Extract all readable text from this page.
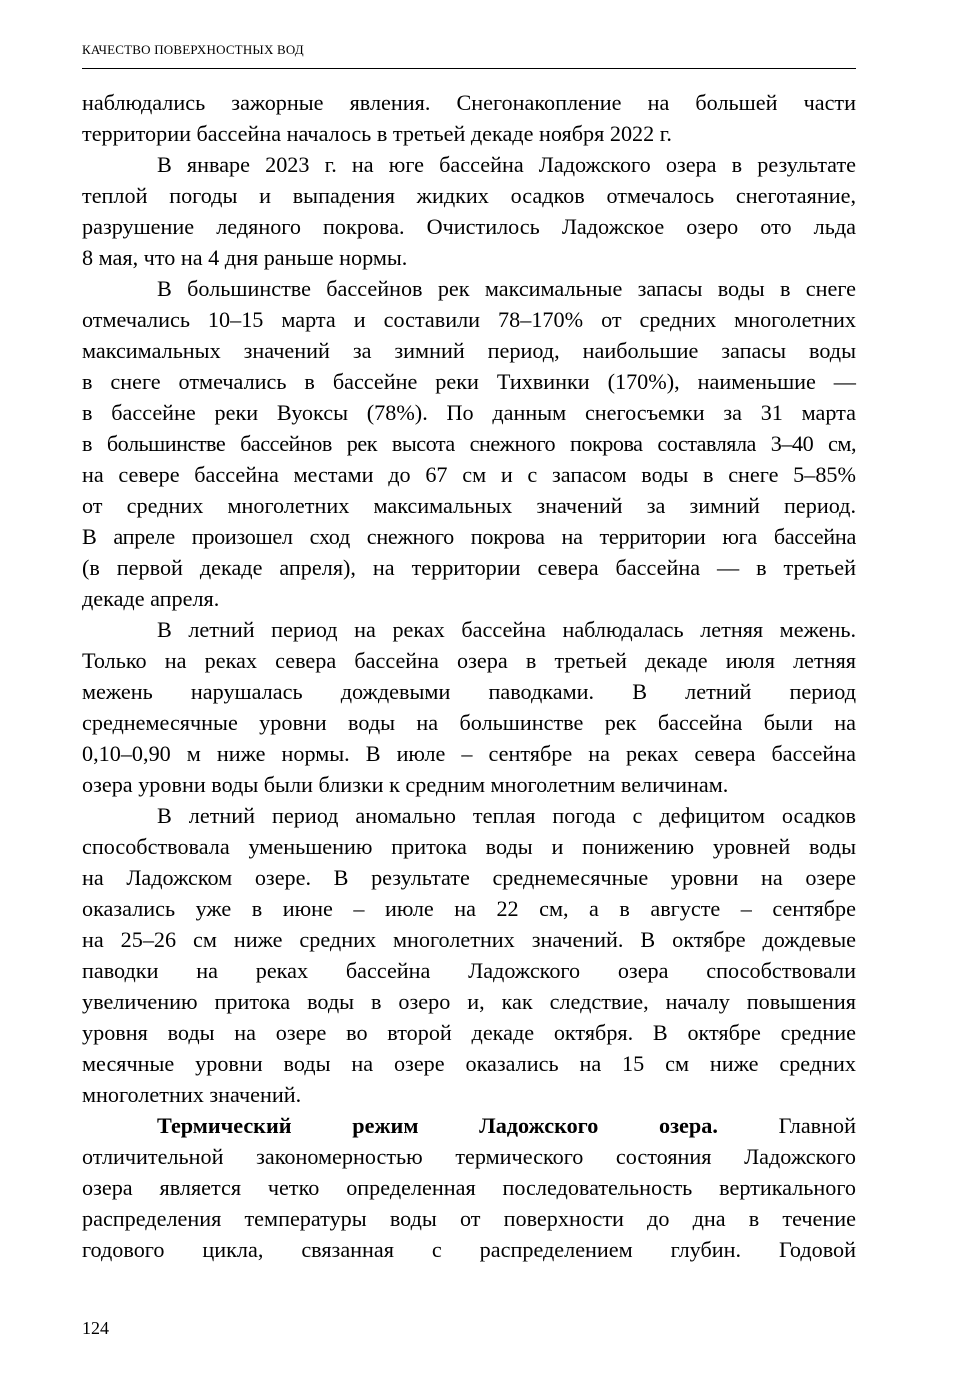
КАЧЕСТВО ПОВЕРХНОСТНЫХ ВОД
наблюдались зажорные явления. Снегонакопление на большей части
территории бассейна началось в третьей декаде ноября 2022 г.
В январе 2023 г. на юге бассейна Ладожского озера в результате
теплой погоды и выпадения жидких осадков отмечалось снеготаяние,
разрушение ледяного покрова. Очистилось Ладожское озеро ото льда
8 мая, что на 4 дня раньше нормы.
В большинстве бассейнов рек максимальные запасы воды в снеге
отмечались 10–15 марта и составили 78–170% от средних многолетних
максимальных значений за зимний период, наибольшие запасы воды
в снеге отмечались в бассейне реки Тихвинки (170%), наименьшие —
в бассейне реки Вуоксы (78%). По данным снегосъемки за 31 марта
в большинстве бассейнов рек высота снежного покрова составляла 3–40 см,
на севере бассейна местами до 67 см и с запасом воды в снеге 5–85%
от средних многолетних максимальных значений за зимний период.
В апреле произошел сход снежного покрова на территории юга бассейна
(в первой декаде апреля), на территории севера бассейна — в третьей
декаде апреля.
В летний период на реках бассейна наблюдалась летняя межень.
Только на реках севера бассейна озера в третьей декаде июля летняя
межень нарушалась дождевыми паводками. В летний период
среднемесячные уровни воды на большинстве рек бассейна были на
0,10–0,90 м ниже нормы. В июле – сентябре на реках севера бассейна
озера уровни воды были близки к средним многолетним величинам.
В летний период аномально теплая погода с дефицитом осадков
способствовала уменьшению притока воды и понижению уровней воды
на Ладожском озере. В результате среднемесячные уровни на озере
оказались уже в июне – июле на 22 см, а в августе – сентябре
на 25–26 см ниже средних многолетних значений. В октябре дождевые
паводки на реках бассейна Ладожского озера способствовали
увеличению притока воды в озеро и, как следствие, началу повышения
уровня воды на озере во второй декаде октября. В октябре средние
месячные уровни воды на озере оказались на 15 см ниже средних
многолетних значений.
Термический режим Ладожского озера.	Главной
отличительной закономерностью термического состояния Ладожского
озера является четко определенная последовательность вертикального
распределения температуры воды от поверхности до дна в течение
годового цикла, связанная с распределением глубин. Годовой
124
